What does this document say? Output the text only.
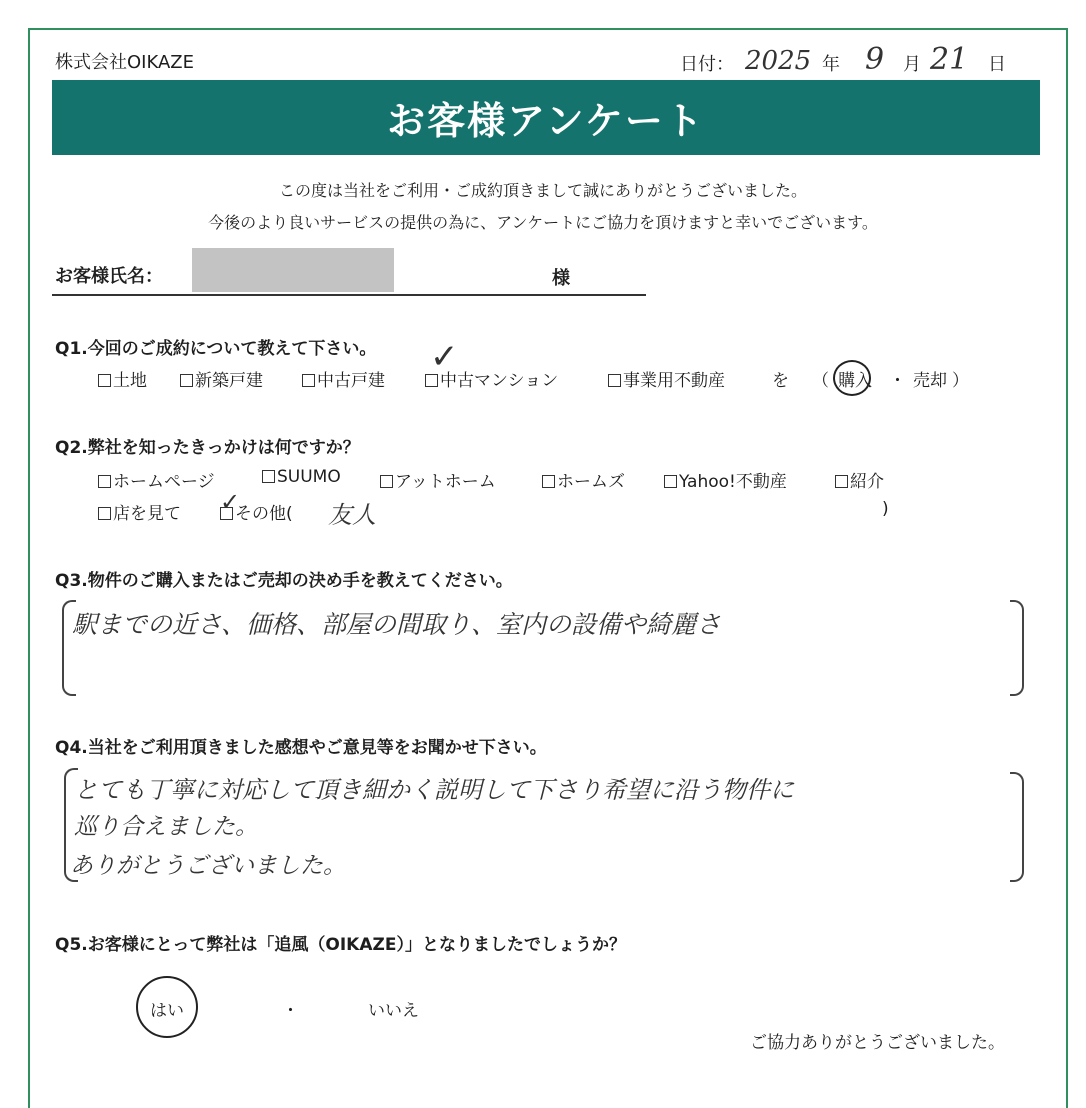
株式会社OIKAZE	日付： 2025 年 9 月 21 日
お客様アンケート
この度は当社をご利用・ご成約頂きまして誠にありがとうございました。
今後のより良いサービスの提供の為に、アンケートにご協力を頂けますと幸いでございます。
お客様氏名：	様
Q1.今回のご成約について教えて下さい。
土地	新築戸建	中古戸建	中古マンション
✓
事業用不動産	を （ 購入 ・ 売却 ）
Q2.弊社を知ったきっかけは何ですか？
ホームページ	SUUMO	アットホーム	ホームズ	Yahoo!不動産	紹介
店を見て	その他(
✓	友人	)
Q3.物件のご購入またはご売却の決め手を教えてください。
駅までの近さ、価格、部屋の間取り、室内の設備や綺麗さ
Q4.当社をご利用頂きました感想やご意見等をお聞かせ下さい。
とても丁寧に対応して頂き細かく説明して下さり希望に沿う物件に
巡り合えました。
ありがとうございました。
Q5.お客様にとって弊社は「追風（OIKAZE）」となりましたでしょうか？
はい	・	いいえ
ご協力ありがとうございました。
